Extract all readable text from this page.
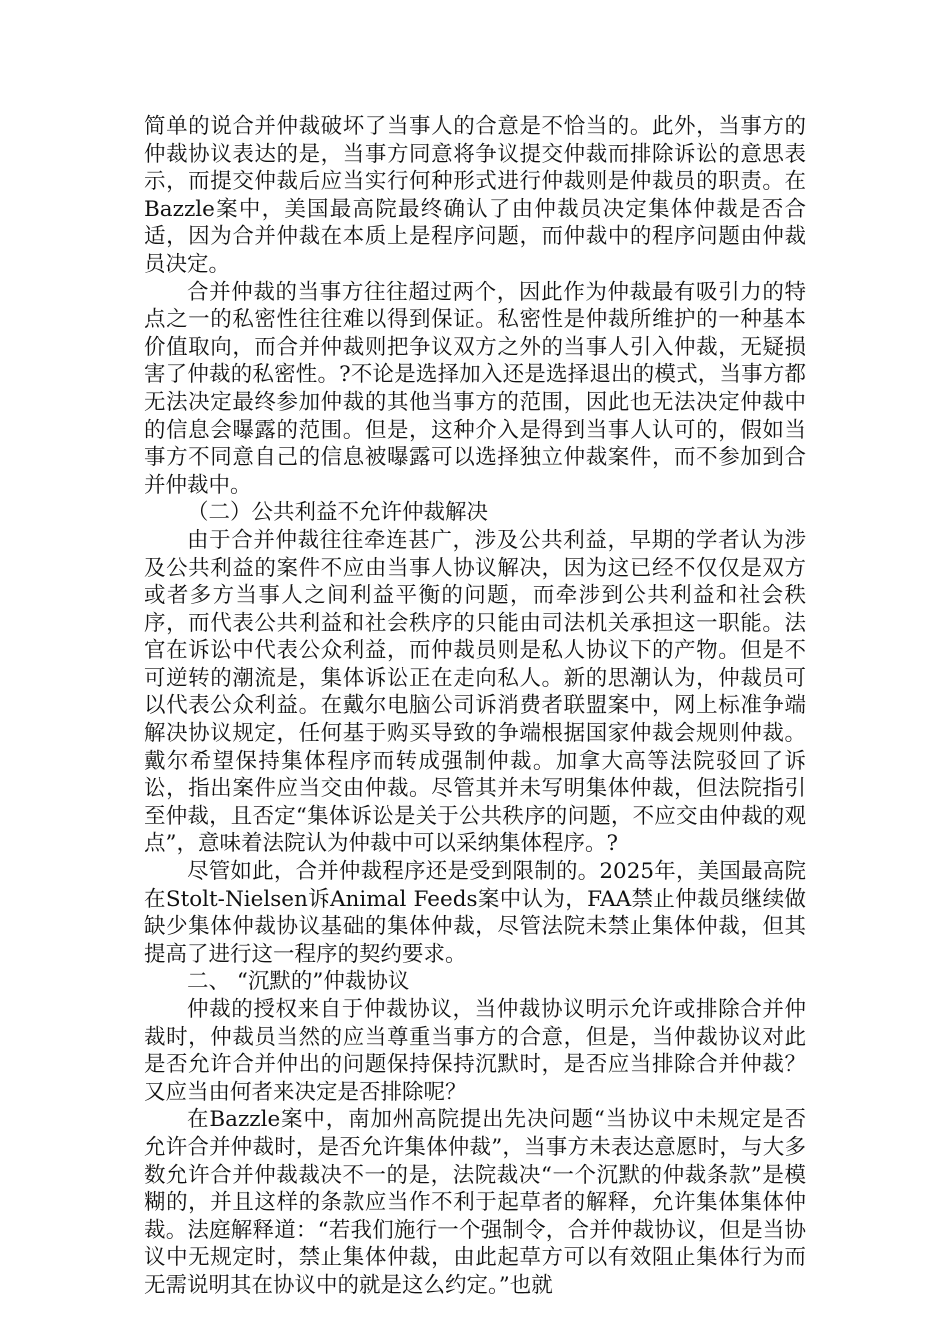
简单的说合并仲裁破坏了当事人的合意是不恰当的。此外，当事方的仲裁协议表达的是，当事方同意将争议提交仲裁而排除诉讼的意思表示，而提交仲裁后应当实行何种形式进行仲裁则是仲裁员的职责。在Bazzle案中，美国最高院最终确认了由仲裁员决定集体仲裁是否合适，因为合并仲裁在本质上是程序问题，而仲裁中的程序问题由仲裁员决定。

合并仲裁的当事方往往超过两个，因此作为仲裁最有吸引力的特点之一的私密性往往难以得到保证。私密性是仲裁所维护的一种基本价值取向，而合并仲裁则把争议双方之外的当事人引入仲裁，无疑损害了仲裁的私密性。?不论是选择加入还是选择退出的模式，当事方都无法决定最终参加仲裁的其他当事方的范围，因此也无法决定仲裁中的信息会曝露的范围。但是，这种介入是得到当事人认可的，假如当事方不同意自己的信息被曝露可以选择独立仲裁案件，而不参加到合并仲裁中。

（二）公共利益不允许仲裁解决

由于合并仲裁往往牵连甚广，涉及公共利益，早期的学者认为涉及公共利益的案件不应由当事人协议解决，因为这已经不仅仅是双方或者多方当事人之间利益平衡的问题，而牵涉到公共利益和社会秩序，而代表公共利益和社会秩序的只能由司法机关承担这一职能。法官在诉讼中代表公众利益，而仲裁员则是私人协议下的产物。但是不可逆转的潮流是，集体诉讼正在走向私人。新的思潮认为，仲裁员可以代表公众利益。在戴尔电脑公司诉消费者联盟案中，网上标准争端解决协议规定，任何基于购买导致的争端根据国家仲裁会规则仲裁。戴尔希望保持集体程序而转成强制仲裁。加拿大高等法院驳回了诉讼，指出案件应当交由仲裁。尽管其并未写明集体仲裁，但法院指引至仲裁，且否定“集体诉讼是关于公共秩序的问题，不应交由仲裁的观点”，意味着法院认为仲裁中可以采纳集体程序。?

尽管如此，合并仲裁程序还是受到限制的。2025年，美国最高院在Stolt-Nielsen诉Animal Feeds案中认为，FAA禁止仲裁员继续做缺少集体仲裁协议基础的集体仲裁，尽管法院未禁止集体仲裁，但其提高了进行这一程序的契约要求。

二、 “沉默的”仲裁协议

仲裁的授权来自于仲裁协议，当仲裁协议明示允许或排除合并仲裁时，仲裁员当然的应当尊重当事方的合意，但是，当仲裁协议对此是否允许合并仲出的问题保持保持沉默时，是否应当排除合并仲裁？又应当由何者来决定是否排除呢？

在Bazzle案中，南加州高院提出先决问题“当协议中未规定是否允许合并仲裁时，是否允许集体仲裁”，当事方未表达意愿时，与大多数允许合并仲裁裁决不一的是，法院裁决“一个沉默的仲裁条款”是模糊的，并且这样的条款应当作不利于起草者的解释，允许集体集体仲裁。法庭解释道：“若我们施行一个强制令，合并仲裁协议，但是当协议中无规定时，禁止集体仲裁，由此起草方可以有效阻止集体行为而无需说明其在协议中的就是这么约定。”也就
